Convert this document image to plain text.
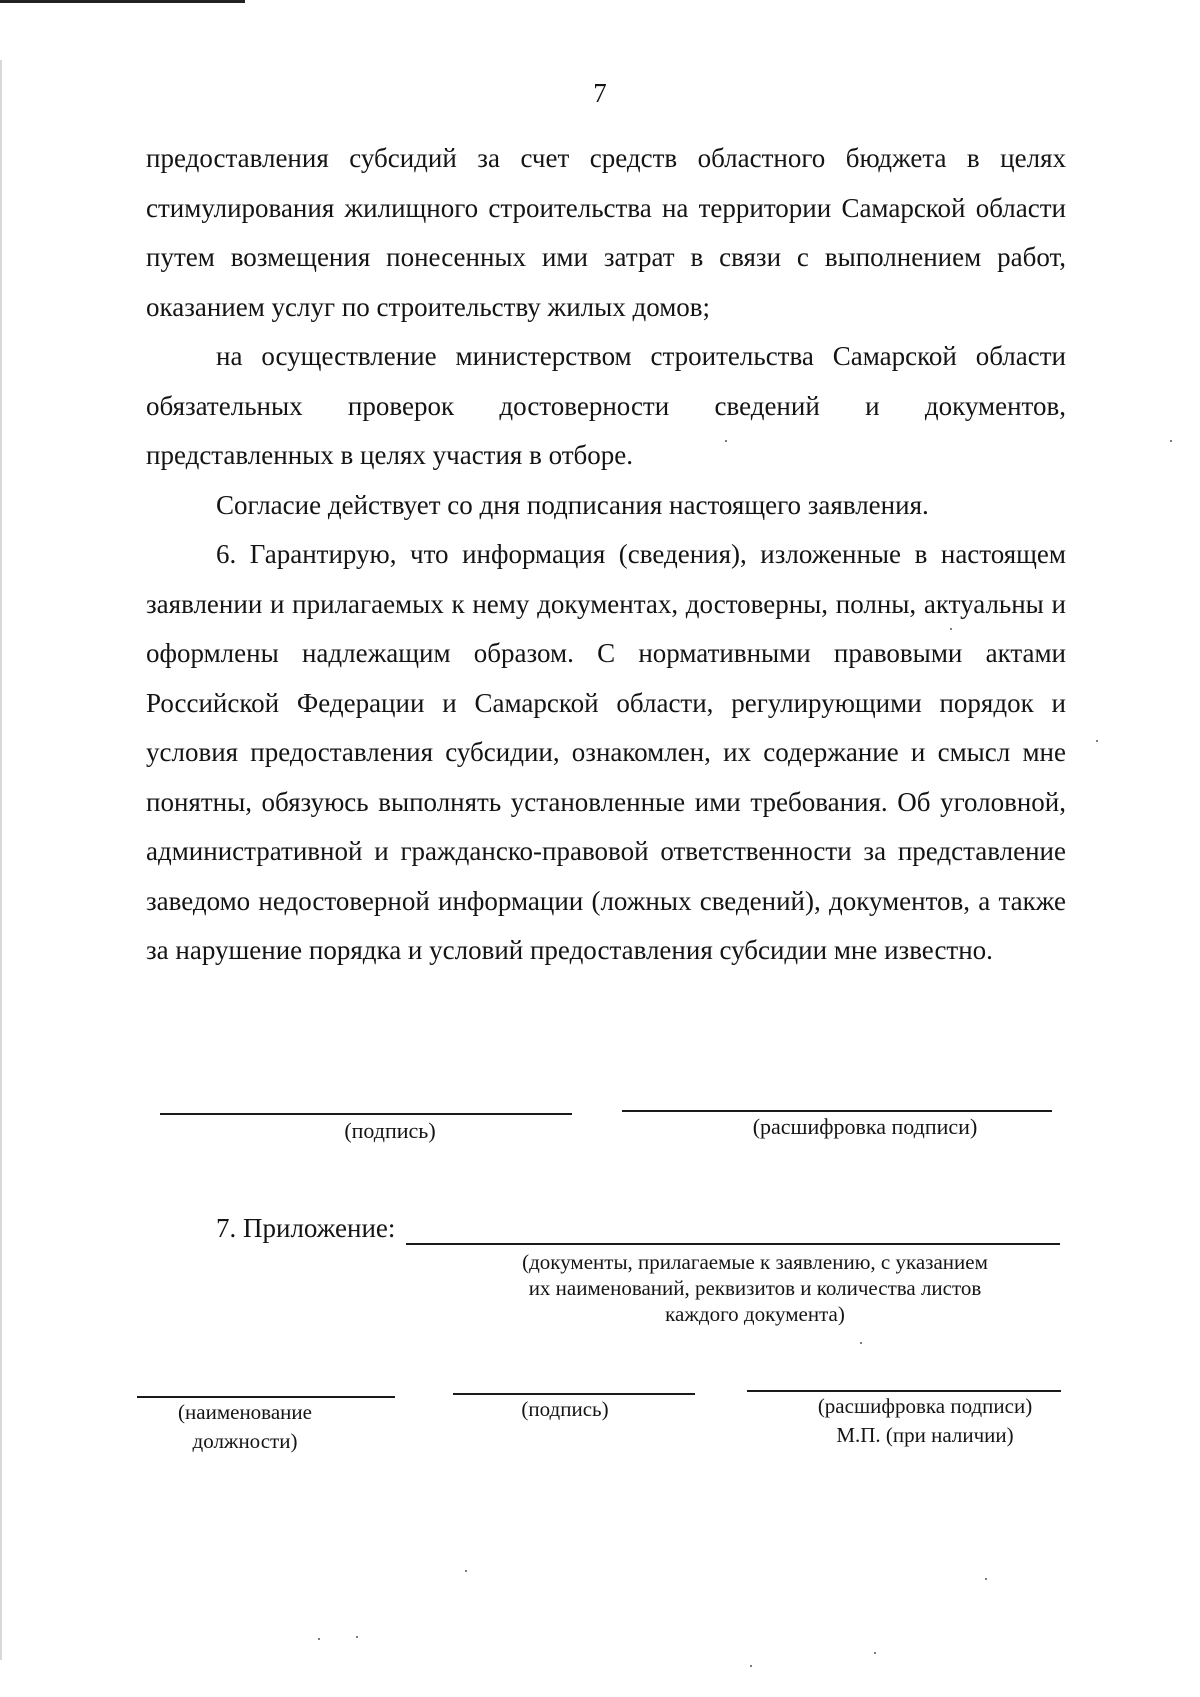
7

предоставления субсидий за счет средств областного бюджета в целях стимулирования жилищного строительства на территории Самарской области путем возмещения понесенных ими затрат в связи с выполнением работ, оказанием услуг по строительству жилых домов;

на осуществление министерством строительства Самарской области обязательных проверок достоверности сведений и документов, представленных в целях участия в отборе.

Согласие действует со дня подписания настоящего заявления.

6. Гарантирую, что информация (сведения), изложенные в настоящем заявлении и прилагаемых к нему документах, достоверны, полны, актуальны и оформлены надлежащим образом. С нормативными правовыми актами Российской Федерации и Самарской области, регулирующими порядок и условия предоставления субсидии, ознакомлен, их содержание и смысл мне понятны, обязуюсь выполнять установленные ими требования. Об уголовной, административной и гражданско-правовой ответственности за представление заведомо недостоверной информации (ложных сведений), документов, а также за нарушение порядка и условий предоставления субсидии мне известно.

(подпись)	(расшифровка подписи)
7. Приложение:
(документы, прилагаемые к заявлению, с указанием
их наименований, реквизитов и количества листов
каждого документа)
(наименование
должности)
(подпись)	(расшифровка подписи)
М.П. (при наличии)
